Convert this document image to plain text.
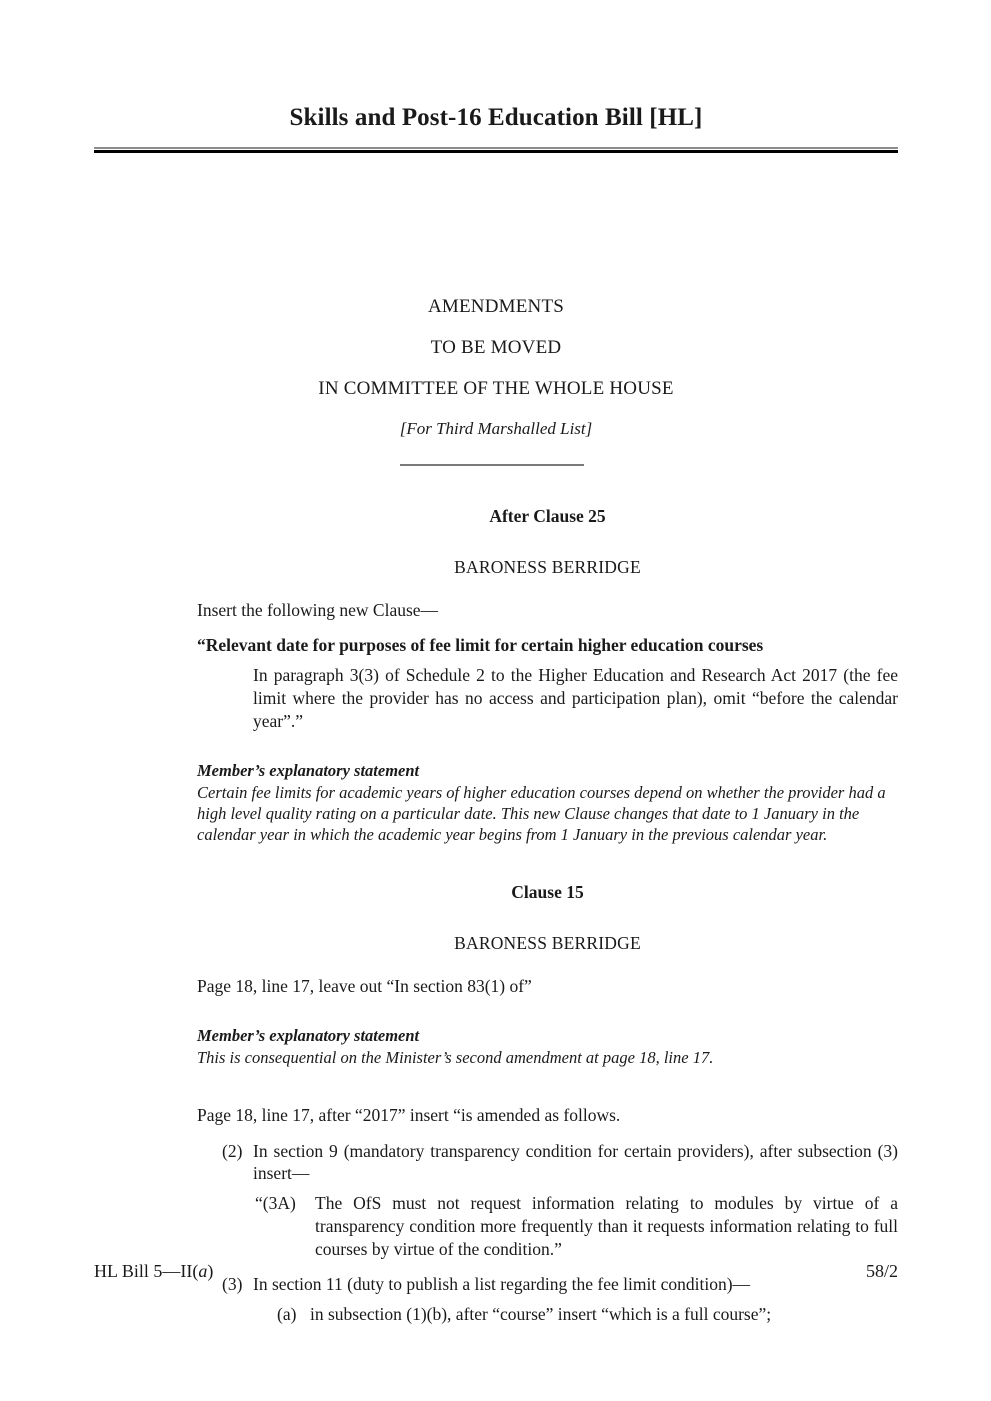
Skills and Post-16 Education Bill [HL]
AMENDMENTS
TO BE MOVED
IN COMMITTEE OF THE WHOLE HOUSE
[For Third Marshalled List]
After Clause 25
BARONESS BERRIDGE
Insert the following new Clause—
“Relevant date for purposes of fee limit for certain higher education courses
In paragraph 3(3) of Schedule 2 to the Higher Education and Research Act 2017 (the fee limit where the provider has no access and participation plan), omit “before the calendar year”.”
Member’s explanatory statement
Certain fee limits for academic years of higher education courses depend on whether the provider had a high level quality rating on a particular date. This new Clause changes that date to 1 January in the calendar year in which the academic year begins from 1 January in the previous calendar year.
Clause 15
BARONESS BERRIDGE
Page 18, line 17, leave out “In section 83(1) of”
Member’s explanatory statement
This is consequential on the Minister’s second amendment at page 18, line 17.
Page 18, line 17, after “2017” insert “is amended as follows.
(2) In section 9 (mandatory transparency condition for certain providers), after subsection (3) insert—
“(3A)	The OfS must not request information relating to modules by virtue of a transparency condition more frequently than it requests information relating to full courses by virtue of the condition.”
(3) In section 11 (duty to publish a list regarding the fee limit condition)—
(a) in subsection (1)(b), after “course” insert “which is a full course”;
HL Bill 5—II(a)	58/2
